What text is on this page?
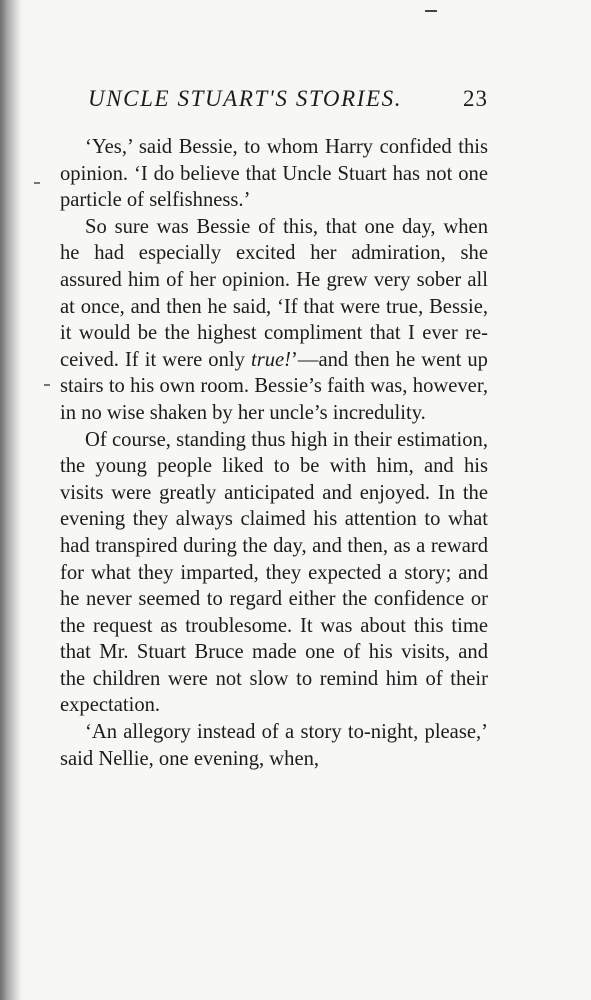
UNCLE STUART'S STORIES.	23

‘Yes,’ said Bessie, to whom Harry confided this opinion. ‘I do believe that Uncle Stuart has not one particle of selfishness.’

So sure was Bessie of this, that one day, when he had especially excited her admiration, she assured him of her opinion. He grew very sober all at once, and then he said, ‘If that were true, Bessie, it would be the highest compliment that I ever received. If it were only true!’—and then he went up stairs to his own room. Bessie’s faith was, however, in no wise shaken by her uncle’s incredulity.

Of course, standing thus high in their estimation, the young people liked to be with him, and his visits were greatly anticipated and enjoyed. In the evening they always claimed his attention to what had transpired during the day, and then, as a reward for what they imparted, they expected a story; and he never seemed to regard either the confidence or the request as troublesome. It was about this time that Mr. Stuart Bruce made one of his visits, and the children were not slow to remind him of their expectation.

‘An allegory instead of a story to-night, please,’ said Nellie, one evening, when,
